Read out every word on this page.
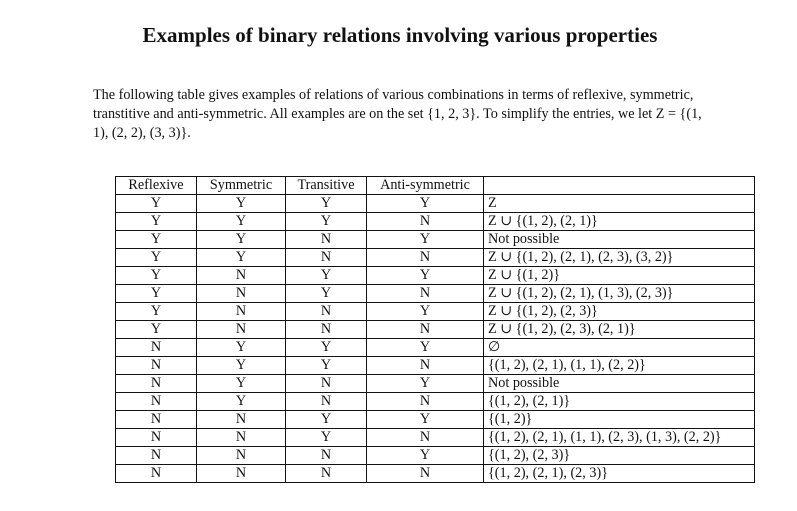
Examples of binary relations involving various properties

The following table gives examples of relations of various combinations in terms of reflexive, symmetric, transtitive and anti-symmetric. All examples are on the set {1, 2, 3}. To simplify the entries, we let Z = {(1, 1), (2, 2), (3, 3)}.

Reflexive	Symmetric	Transitive	Anti-symmetric	
Y	Y	Y	Y	Z
Y	Y	Y	N	Z ∪ {(1, 2), (2, 1)}
Y	Y	N	Y	Not possible
Y	Y	N	N	Z ∪ {(1, 2), (2, 1), (2, 3), (3, 2)}
Y	N	Y	Y	Z ∪ {(1, 2)}
Y	N	Y	N	Z ∪ {(1, 2), (2, 1), (1, 3), (2, 3)}
Y	N	N	Y	Z ∪ {(1, 2), (2, 3)}
Y	N	N	N	Z ∪ {(1, 2), (2, 3), (2, 1)}
N	Y	Y	Y	∅
N	Y	Y	N	{(1, 2), (2, 1), (1, 1), (2, 2)}
N	Y	N	Y	Not possible
N	Y	N	N	{(1, 2), (2, 1)}
N	N	Y	Y	{(1, 2)}
N	N	Y	N	{(1, 2), (2, 1), (1, 1), (2, 3), (1, 3), (2, 2)}
N	N	N	Y	{(1, 2), (2, 3)}
N	N	N	N	{(1, 2), (2, 1), (2, 3)}
